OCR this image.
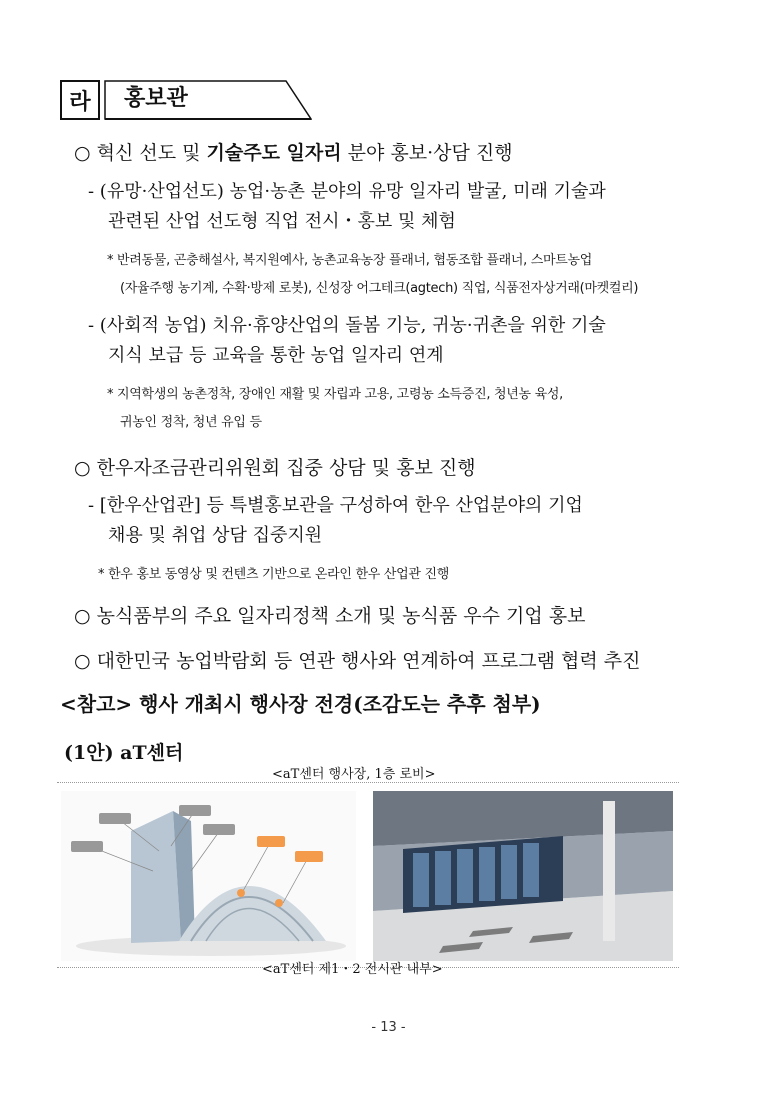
라	홍보관
○ 혁신 선도 및 기술주도 일자리 분야 홍보·상담 진행
- (유망·산업선도) 농업·농촌 분야의 유망 일자리 발굴, 미래 기술과
관련된 산업 선도형 직업 전시・홍보 및 체험
* 반려동물, 곤충해설사, 복지원예사, 농촌교육농장 플래너, 협동조합 플래너, 스마트농업
(자율주행 농기계, 수확·방제 로봇), 신성장 어그테크(agtech) 직업, 식품전자상거래(마켓컬리)
- (사회적 농업) 치유·휴양산업의 돌봄 기능, 귀농·귀촌을 위한 기술
지식 보급 등 교육을 통한 농업 일자리 연계
* 지역학생의 농촌정착, 장애인 재활 및 자립과 고용, 고령농 소득증진, 청년농 육성,
귀농인 정착, 청년 유입 등
○ 한우자조금관리위원회 집중 상담 및 홍보 진행
- [한우산업관] 등 특별홍보관을 구성하여 한우 산업분야의 기업
채용 및 취업 상담 집중지원
* 한우 홍보 동영상 및 컨텐츠 기반으로 온라인 한우 산업관 진행
○ 농식품부의 주요 일자리정책 소개 및 농식품 우수 기업 홍보
○ 대한민국 농업박람회 등 연관 행사와 연계하여 프로그램 협력 추진
<참고> 행사 개최시 행사장 전경(조감도는 추후 첨부)
(1안) aT센터
<aT센터 행사장, 1층 로비>
<aT센터 제1・2 전시관 내부>
- 13 -
